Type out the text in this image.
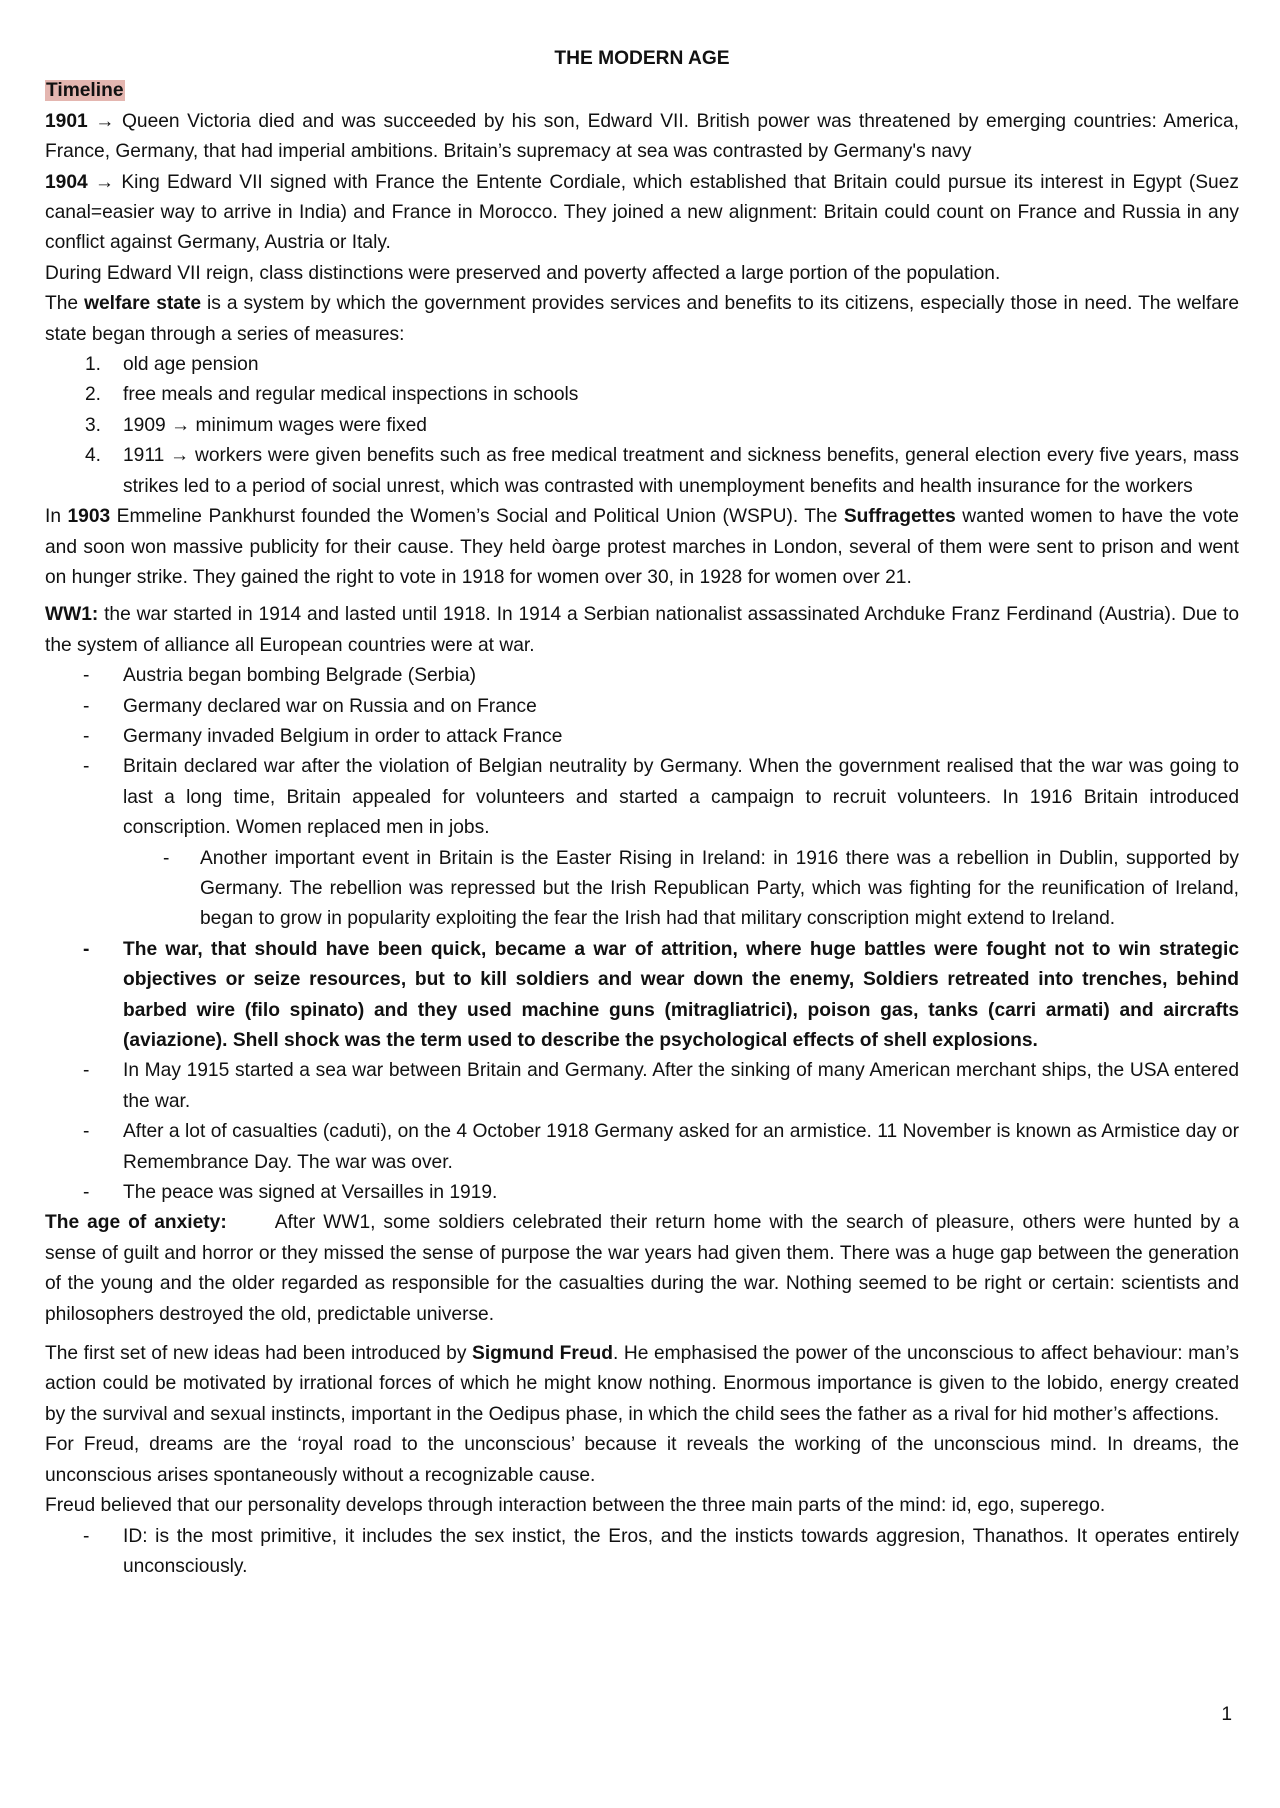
THE MODERN AGE

Timeline

1901 → Queen Victoria died and was succeeded by his son, Edward VII. British power was threatened by emerging countries: America, France, Germany, that had imperial ambitions. Britain’s supremacy at sea was contrasted by Germany's navy

1904 → King Edward VII signed with France the Entente Cordiale, which established that Britain could pursue its interest in Egypt (Suez canal=easier way to arrive in India) and France in Morocco. They joined a new alignment: Britain could count on France and Russia in any conflict against Germany, Austria or Italy.

During Edward VII reign, class distinctions were preserved and poverty affected a large portion of the population.

The welfare state is a system by which the government provides services and benefits to its citizens, especially those in need. The welfare state began through a series of measures:

1. old age pension
2. free meals and regular medical inspections in schools
3. 1909 → minimum wages were fixed
4. 1911 → workers were given benefits such as free medical treatment and sickness benefits, general election every five years, mass strikes led to a period of social unrest, which was contrasted with unemployment benefits and health insurance for the workers

In 1903 Emmeline Pankhurst founded the Women’s Social and Political Union (WSPU). The Suffragettes wanted women to have the vote and soon won massive publicity for their cause. They held òarge protest marches in London, several of them were sent to prison and went on hunger strike. They gained the right to vote in 1918 for women over 30, in 1928 for women over 21.

WW1: the war started in 1914 and lasted until 1918. In 1914 a Serbian nationalist assassinated Archduke Franz Ferdinand (Austria). Due to the system of alliance all European countries were at war.

- Austria began bombing Belgrade (Serbia)
- Germany declared war on Russia and on France
- Germany invaded Belgium in order to attack France
- Britain declared war after the violation of Belgian neutrality by Germany. When the government realised that the war was going to last a long time, Britain appealed for volunteers and started a campaign to recruit volunteers. In 1916 Britain introduced conscription. Women replaced men in jobs.
- Another important event in Britain is the Easter Rising in Ireland: in 1916 there was a rebellion in Dublin, supported by Germany. The rebellion was repressed but the Irish Republican Party, which was fighting for the reunification of Ireland, began to grow in popularity exploiting the fear the Irish had that military conscription might extend to Ireland.
- The war, that should have been quick, became a war of attrition, where huge battles were fought not to win strategic objectives or seize resources, but to kill soldiers and wear down the enemy, Soldiers retreated into trenches, behind barbed wire (filo spinato) and they used machine guns (mitragliatrici), poison gas, tanks (carri armati) and aircrafts (aviazione). Shell shock was the term used to describe the psychological effects of shell explosions.
- In May 1915 started a sea war between Britain and Germany. After the sinking of many American merchant ships, the USA entered the war.
- After a lot of casualties (caduti), on the 4 October 1918 Germany asked for an armistice. 11 November is known as Armistice day or Remembrance Day. The war was over.
- The peace was signed at Versailles in 1919.

The age of anxiety:	After WW1, some soldiers celebrated their return home with the search of pleasure, others were hunted by a sense of guilt and horror or they missed the sense of purpose the war years had given them. There was a huge gap between the generation of the young and the older regarded as responsible for the casualties during the war. Nothing seemed to be right or certain: scientists and philosophers destroyed the old, predictable universe.

The first set of new ideas had been introduced by Sigmund Freud. He emphasised the power of the unconscious to affect behaviour: man’s action could be motivated by irrational forces of which he might know nothing. Enormous importance is given to the lobido, energy created by the survival and sexual instincts, important in the Oedipus phase, in which the child sees the father as a rival for hid mother’s affections.

For Freud, dreams are the ‘royal road to the unconscious’ because it reveals the working of the unconscious mind. In dreams, the unconscious arises spontaneously without a recognizable cause.

Freud believed that our personality develops through interaction between the three main parts of the mind: id, ego, superego.

- ID: is the most primitive, it includes the sex instict, the Eros, and the insticts towards aggresion, Thanathos. It operates entirely unconsciously.
1
